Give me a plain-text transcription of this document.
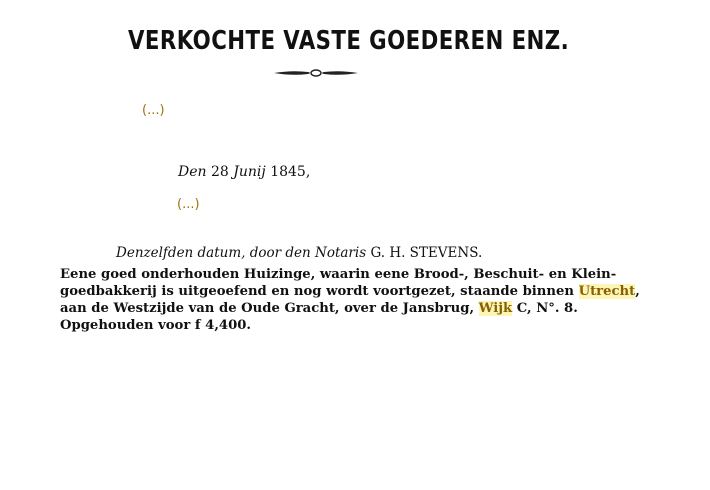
VERKOCHTE VASTE GOEDEREN ENZ.
(...)
Den 28 Junij 1845,
(...)
Denzelfden datum, door den Notaris G. H. STEVENS.
Eene goed onderhouden Huizinge, waarin eene Brood-, Beschuit- en Klein-
goedbakkerij is uitgeoefend en nog wordt voortgezet, staande binnen Utrecht,
aan de Westzijde van de Oude Gracht, over de Jansbrug, Wijk C, N°. 8.
Opgehouden voor f 4,400.
